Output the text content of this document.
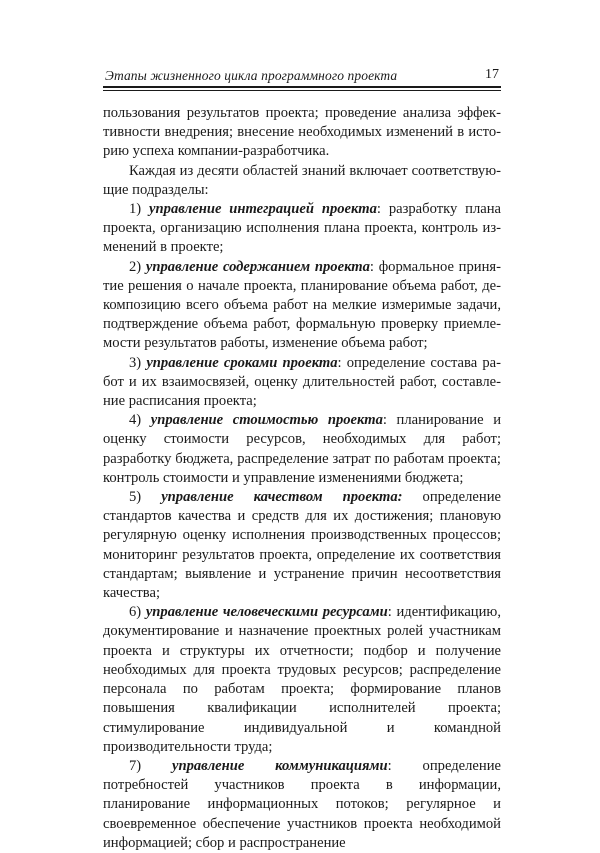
Этапы жизненного цикла программного проекта	17

пользования результатов проекта; проведение анализа эффективности внедрения; внесение необходимых изменений в историю успеха компании-разработчика.

Каждая из десяти областей знаний включает соответствующие подразделы:

1) управление интеграцией проекта: разработку плана проекта, организацию исполнения плана проекта, контроль изменений в проекте;

2) управление содержанием проекта: формальное принятие решения о начале проекта, планирование объема работ, декомпозицию всего объема работ на мелкие измеримые задачи, подтверждение объема работ, формальную проверку приемлемости результатов работы, изменение объема работ;

3) управление сроками проекта: определение состава работ и их взаимосвязей, оценку длительностей работ, составление расписания проекта;

4) управление стоимостью проекта: планирование и оценку стоимости ресурсов, необходимых для работ; разработку бюджета, распределение затрат по работам проекта; контроль стоимости и управление изменениями бюджета;

5) управление качеством проекта: определение стандартов качества и средств для их достижения; плановую регулярную оценку исполнения производственных процессов; мониторинг результатов проекта, определение их соответствия стандартам; выявление и устранение причин несоответствия качества;

6) управление человеческими ресурсами: идентификацию, документирование и назначение проектных ролей участникам проекта и структуры их отчетности; подбор и получение необходимых для проекта трудовых ресурсов; распределение персонала по работам проекта; формирование планов повышения квалификации исполнителей проекта; стимулирование индивидуальной и командной производительности труда;

7) управление коммуникациями: определение потребностей участников проекта в информации, планирование информационных потоков; регулярное и своевременное обеспечение участников проекта необходимой информацией; сбор и распространение
